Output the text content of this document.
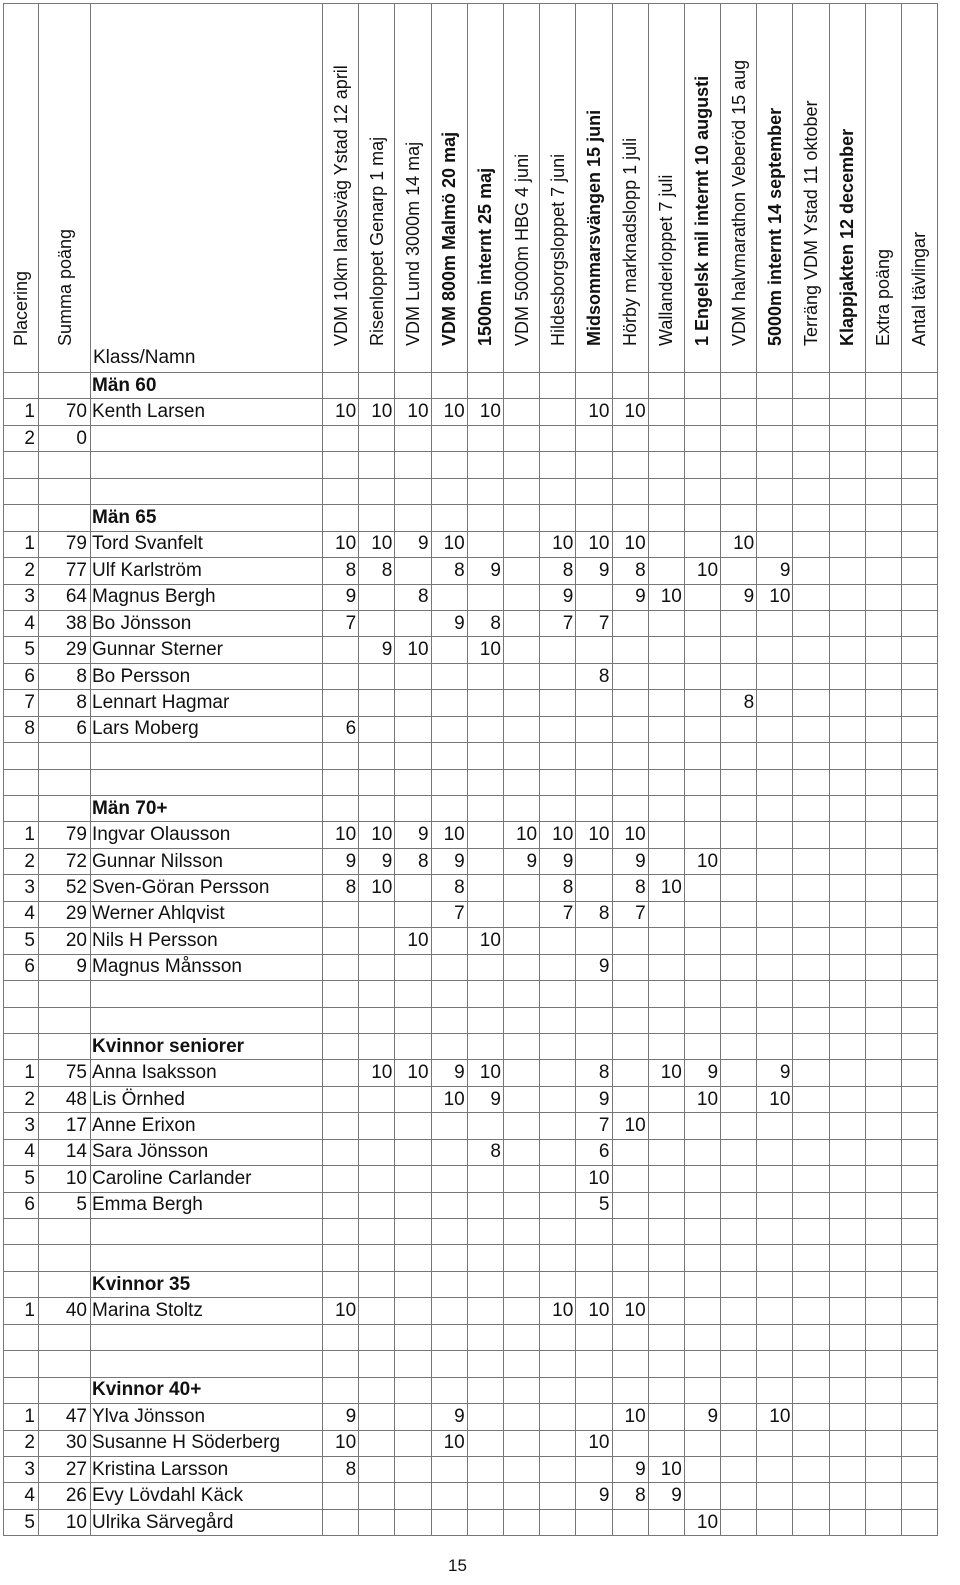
Placering	Summa poäng	Klass/Namn	VDM 10km landsväg Ystad 12 april	Risenloppet Genarp 1 maj	VDM Lund 3000m 14 maj	VDM 800m Malmö 20 maj	1500m internt 25 maj	VDM 5000m HBG 4 juni	Hildesborgsloppet 7 juni	Midsommarsvängen 15 juni	Hörby marknadslopp 1 juli	Wallanderloppet 7 juli	1 Engelsk mil internt 10 augusti	VDM halvmarathon Veberöd 15 aug	5000m internt 14 september	Terräng VDM Ystad 11 oktober	Klappjakten 12 december	Extra poäng	Antal tävlingar

		Män 60																	
1	70	Kenth Larsen	10	10	10	10	10			10	10								
2	0																		

		Män 65																	
1	79	Tord Svanfelt	10	10	9	10			10	10	10			10					
2	77	Ulf Karlström	8	8		8	9		8	9	8		10		9				
3	64	Magnus Bergh	9		8				9		9	10		9	10				
4	38	Bo Jönsson	7			9	8		7	7									
5	29	Gunnar Sterner		9	10		10												
6	8	Bo Persson								8									
7	8	Lennart Hagmar												8					
8	6	Lars Moberg	6																

		Män 70+																	
1	79	Ingvar Olausson	10	10	9	10		10	10	10	10								
2	72	Gunnar Nilsson	9	9	8	9		9	9		9		10						
3	52	Sven-Göran Persson	8	10		8			8		8	10							
4	29	Werner Ahlqvist				7			7	8	7								
5	20	Nils H Persson			10		10												
6	9	Magnus Månsson								9									

		Kvinnor seniorer																	
1	75	Anna Isaksson		10	10	9	10			8		10	9		9				
2	48	Lis Örnhed				10	9			9			10		10				
3	17	Anne Erixon								7	10								
4	14	Sara Jönsson					8			6									
5	10	Caroline Carlander								10									
6	5	Emma Bergh								5									

		Kvinnor 35																	
1	40	Marina Stoltz	10						10	10	10								

		Kvinnor 40+																	
1	47	Ylva Jönsson	9			9					10		9		10				
2	30	Susanne H Söderberg	10			10				10									
3	27	Kristina Larsson	8								9	10							
4	26	Evy Lövdahl Käck								9	8	9							
5	10	Ulrika Särvegård											10						
15
